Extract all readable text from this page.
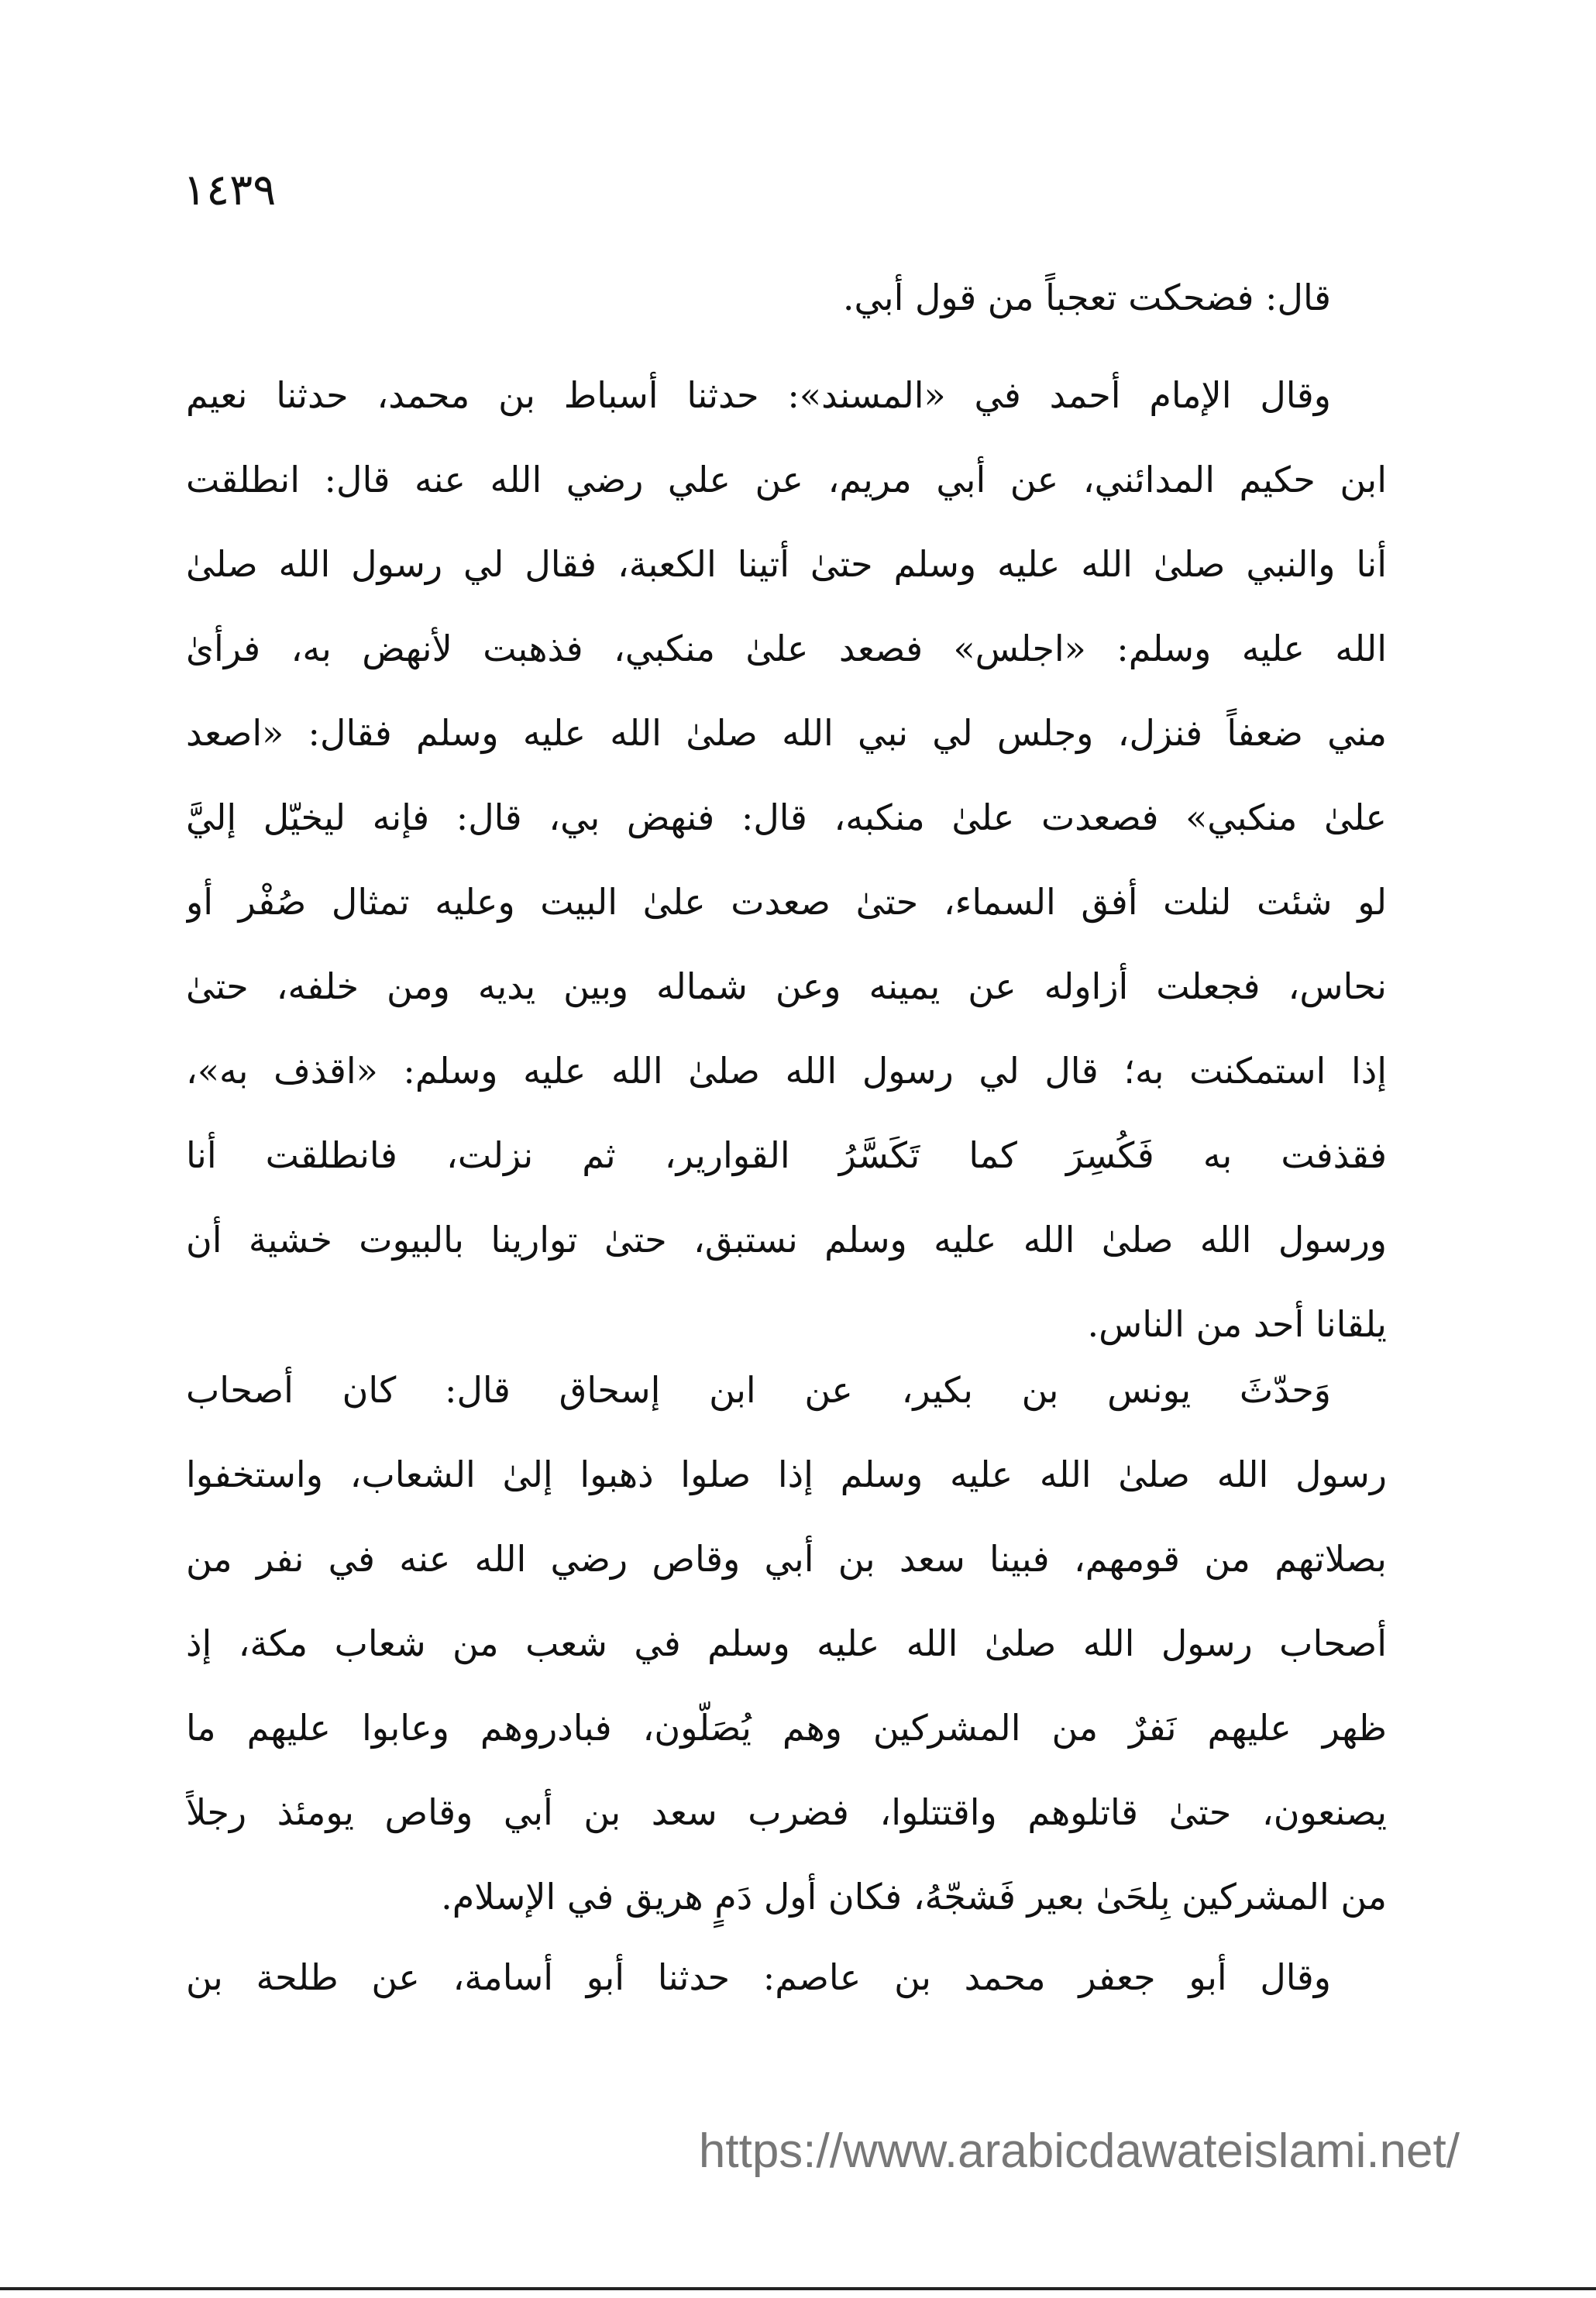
١٤٣٩

قال: فضحكت تعجباً من قول أبي.

وقال الإمام أحمد في «المسند»: حدثنا أسباط بن محمد، حدثنا نعيم
ابن حكيم المدائني، عن أبي مريم، عن علي رضي الله عنه قال: انطلقت
أنا والنبي صلىٰ الله عليه وسلم حتىٰ أتينا الكعبة، فقال لي رسول الله صلىٰ
الله عليه وسلم: «اجلس» فصعد علىٰ منكبي، فذهبت لأنهض به، فرأىٰ
مني ضعفاً فنزل، وجلس لي نبي الله صلىٰ الله عليه وسلم فقال: «اصعد
علىٰ منكبي» فصعدت علىٰ منكبه، قال: فنهض بي، قال: فإنه ليخيّل إليَّ
لو شئت لنلت أفق السماء، حتىٰ صعدت علىٰ البيت وعليه تمثال صُفْر أو
نحاس، فجعلت أزاوله عن يمينه وعن شماله وبين يديه ومن خلفه، حتىٰ
إذا استمكنت به؛ قال لي رسول الله صلىٰ الله عليه وسلم: «اقذف به»،
فقذفت به فَكُسِرَ كما تَكَسَّرُ القوارير، ثم نزلت، فانطلقت أنا
ورسول الله صلىٰ الله عليه وسلم نستبق، حتىٰ توارينا بالبيوت خشية أن
يلقانا أحد من الناس.

وَحدّثَ يونس بن بكير، عن ابن إسحاق قال: كان أصحاب
رسول الله صلىٰ الله عليه وسلم إذا صلوا ذهبوا إلىٰ الشعاب، واستخفوا
بصلاتهم من قومهم، فبينا سعد بن أبي وقاص رضي الله عنه في نفر من
أصحاب رسول الله صلىٰ الله عليه وسلم في شعب من شعاب مكة، إذ
ظهر عليهم نَفرٌ من المشركين وهم يُصَلّون، فبادروهم وعابوا عليهم ما
يصنعون، حتىٰ قاتلوهم واقتتلوا، فضرب سعد بن أبي وقاص يومئذ رجلاً
من المشركين بِلحَىٰ بعير فَشجّهُ، فكان أول دَمٍ هريق في الإسلام.

وقال أبو جعفر محمد بن عاصم: حدثنا أبو أسامة، عن طلحة بن

https://www.arabicdawateislami.net/
